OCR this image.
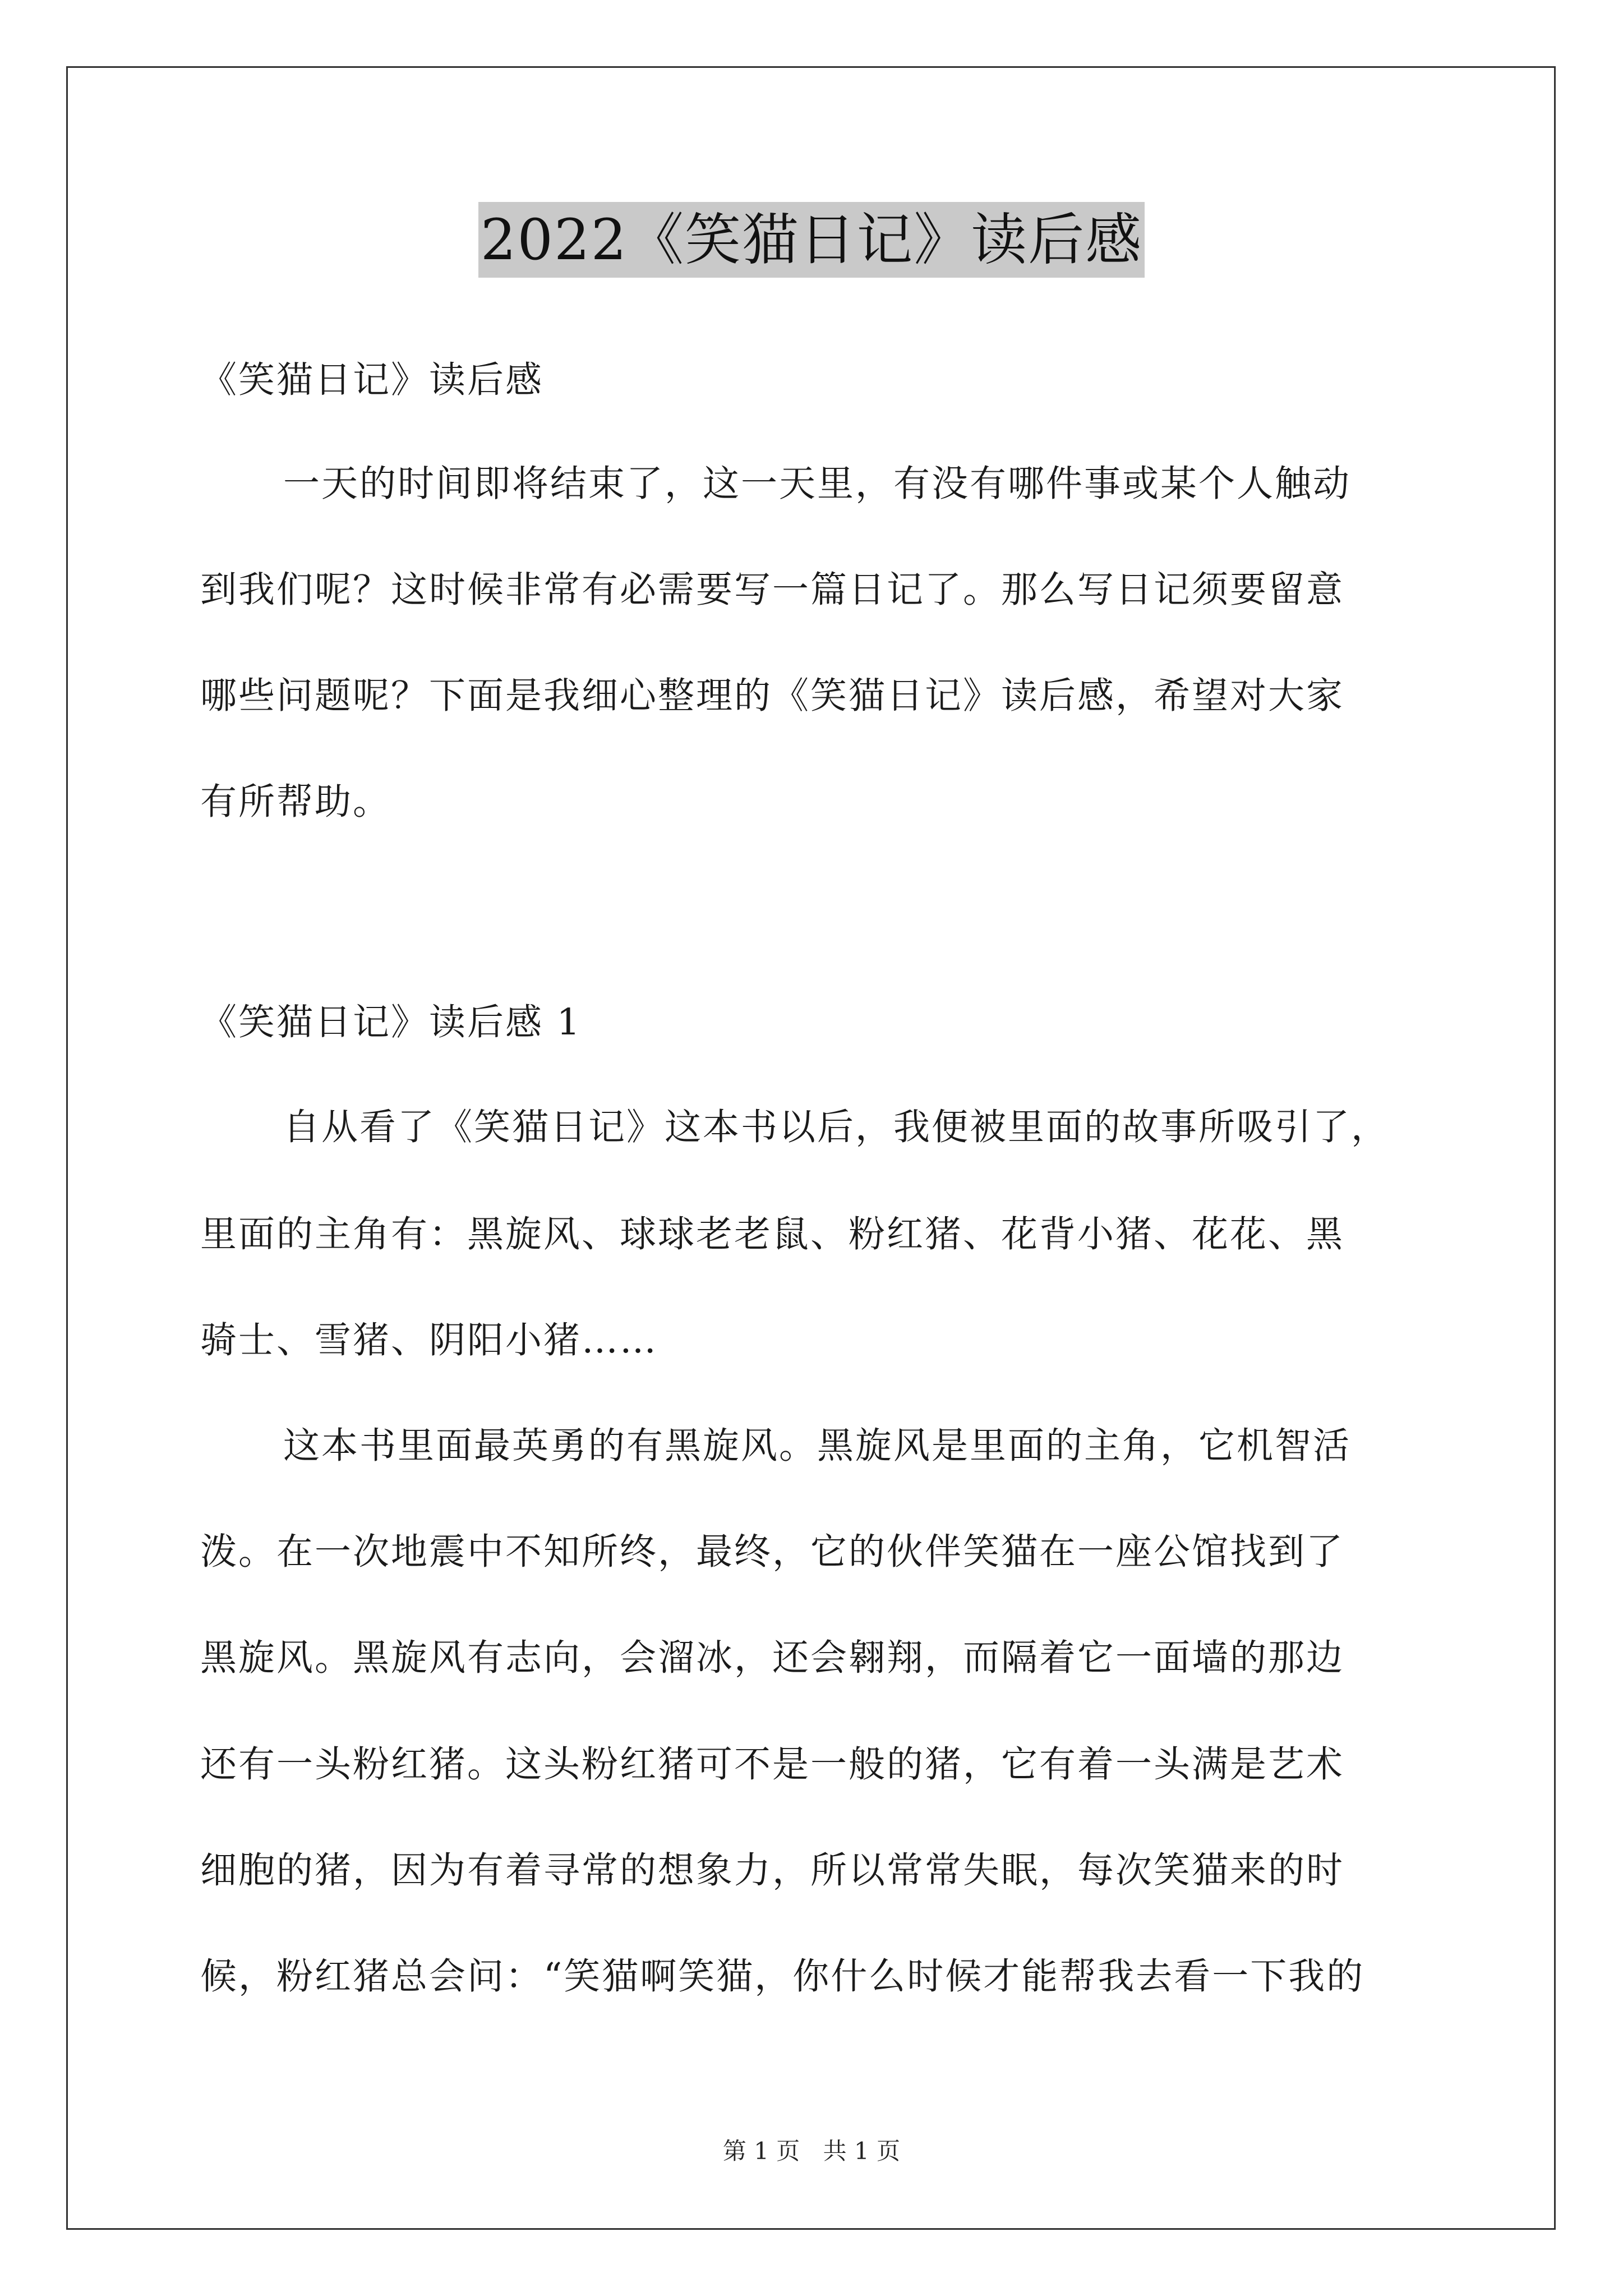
2022《笑猫日记》读后感
《笑猫日记》读后感
一天的时间即将结束了，这一天里，有没有哪件事或某个人触动
到我们呢？这时候非常有必需要写一篇日记了。那么写日记须要留意
哪些问题呢？下面是我细心整理的《笑猫日记》读后感，希望对大家
有所帮助。
《笑猫日记》读后感 1
自从看了《笑猫日记》这本书以后，我便被里面的故事所吸引了，
里面的主角有：黑旋风、球球老老鼠、粉红猪、花背小猪、花花、黑
骑士、雪猪、阴阳小猪……
这本书里面最英勇的有黑旋风。黑旋风是里面的主角，它机智活
泼。在一次地震中不知所终，最终，它的伙伴笑猫在一座公馆找到了
黑旋风。黑旋风有志向，会溜冰，还会翱翔，而隔着它一面墙的那边
还有一头粉红猪。这头粉红猪可不是一般的猪，它有着一头满是艺术
细胞的猪，因为有着寻常的想象力，所以常常失眠，每次笑猫来的时
候，粉红猪总会问：“笑猫啊笑猫，你什么时候才能帮我去看一下我的
第 1 页 共 1 页
